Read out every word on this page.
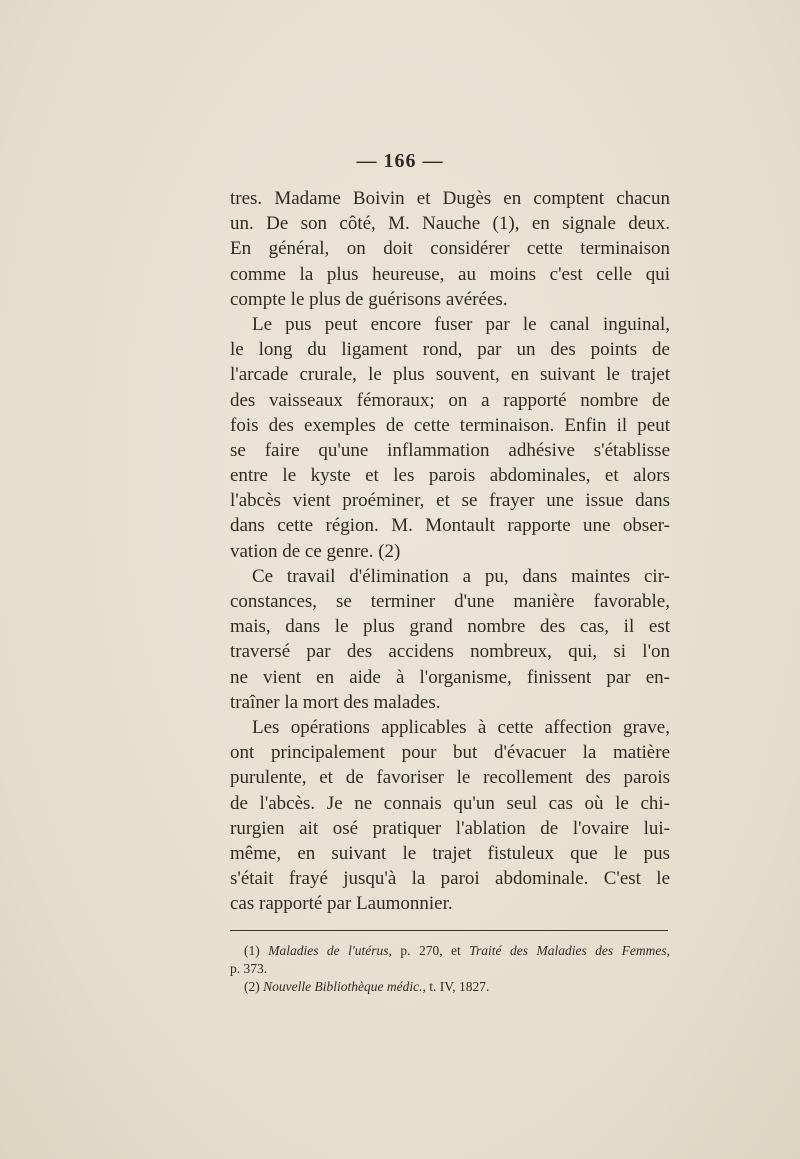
— 166 —
tres. Madame Boivin et Dugès en comptent chacun
un. De son côté, M. Nauche (1), en signale deux.
En général, on doit considérer cette terminaison
comme la plus heureuse, au moins c'est celle qui
compte le plus de guérisons avérées.
Le pus peut encore fuser par le canal inguinal,
le long du ligament rond, par un des points de
l'arcade crurale, le plus souvent, en suivant le trajet
des vaisseaux fémoraux; on a rapporté nombre de
fois des exemples de cette terminaison. Enfin il peut
se faire qu'une inflammation adhésive s'établisse
entre le kyste et les parois abdominales, et alors
l'abcès vient proéminer, et se frayer une issue dans
dans cette région. M. Montault rapporte une obser-
vation de ce genre. (2)
Ce travail d'élimination a pu, dans maintes cir-
constances, se terminer d'une manière favorable,
mais, dans le plus grand nombre des cas, il est
traversé par des accidens nombreux, qui, si l'on
ne vient en aide à l'organisme, finissent par en-
traîner la mort des malades.
Les opérations applicables à cette affection grave,
ont principalement pour but d'évacuer la matière
purulente, et de favoriser le recollement des parois
de l'abcès. Je ne connais qu'un seul cas où le chi-
rurgien ait osé pratiquer l'ablation de l'ovaire lui-
même, en suivant le trajet fistuleux que le pus
s'était frayé jusqu'à la paroi abdominale. C'est le
cas rapporté par Laumonnier.
(1) Maladies de l'utérus, p. 270, et Traité des Maladies des Femmes,
p. 373.
(2) Nouvelle Bibliothèque médic., t. IV, 1827.
